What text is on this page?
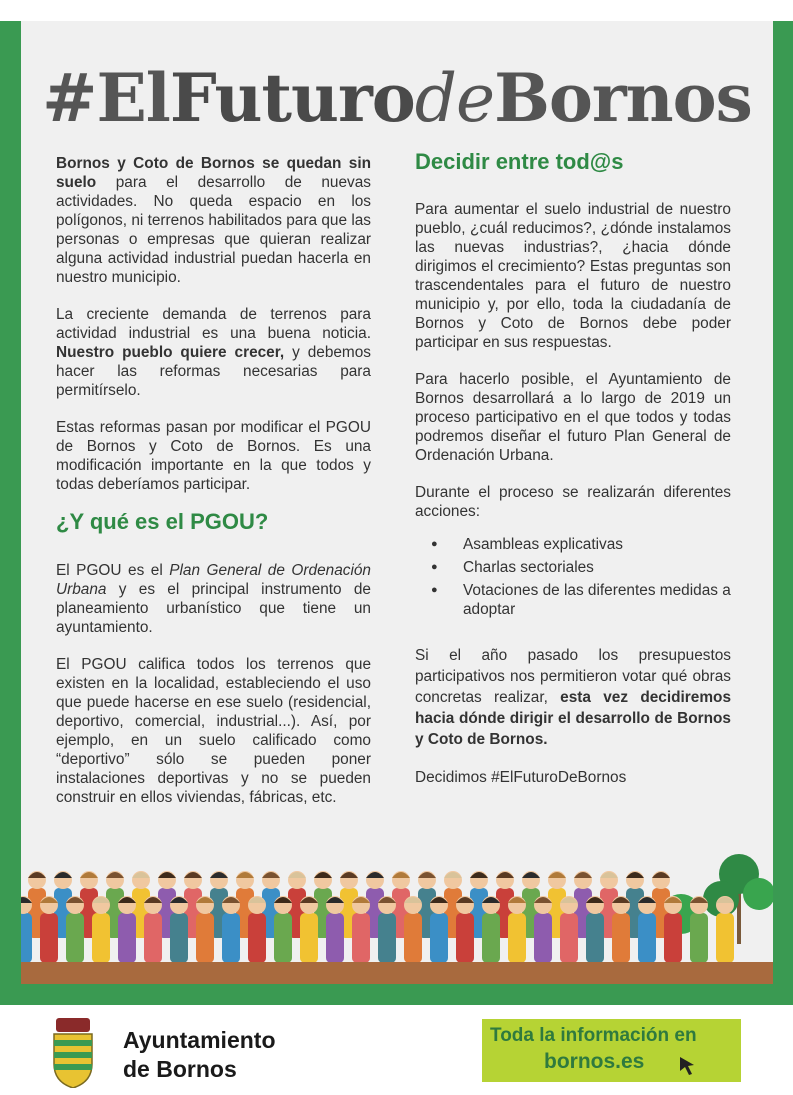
#ElFuturodeBornos

Bornos y Coto de Bornos se quedan sin suelo para el desarrollo de nuevas actividades. No queda espacio en los polígonos, ni terrenos habilitados para que las personas o empresas que quieran realizar alguna actividad industrial puedan hacerla en nuestro municipio.

La creciente demanda de terrenos para actividad industrial es una buena noticia. Nuestro pueblo quiere crecer, y debemos hacer las reformas necesarias para permitírselo.

Estas reformas pasan por modificar el PGOU de Bornos y Coto de Bornos. Es una modificación importante en la que todos y todas deberíamos participar.

¿Y qué es el PGOU?

El PGOU es el Plan General de Ordenación Urbana y es el principal instrumento de planeamiento urbanístico que tiene un ayuntamiento.

El PGOU califica todos los terrenos que existen en la localidad, estableciendo el uso que puede hacerse en ese suelo (residencial, deportivo, comercial, industrial...). Así, por ejemplo, en un suelo calificado como “deportivo” sólo se pueden poner instalaciones deportivas y no se pueden construir en ellos viviendas, fábricas, etc.

Decidir entre tod@s

Para aumentar el suelo industrial de nuestro pueblo, ¿cuál reducimos?, ¿dónde instalamos las nuevas industrias?, ¿hacia dónde dirigimos el crecimiento? Estas preguntas son trascendentales para el futuro de nuestro municipio y, por ello, toda la ciudadanía de Bornos y Coto de Bornos debe poder participar en sus respuestas.

Para hacerlo posible, el Ayuntamiento de Bornos desarrollará a lo largo de 2019 un proceso participativo en el que todos y todas podremos diseñar el futuro Plan General de Ordenación Urbana.

Durante el proceso se realizarán diferentes acciones:

● Asambleas explicativas
● Charlas sectoriales
● Votaciones de las diferentes medidas a adoptar

Si el año pasado los presupuestos participativos nos permitieron votar qué obras concretas realizar, esta vez decidiremos hacia dónde dirigir el desarrollo de Bornos y Coto de Bornos.

Decidimos #ElFuturoDeBornos

Ayuntamiento
de Bornos
Toda la información en
bornos.es
